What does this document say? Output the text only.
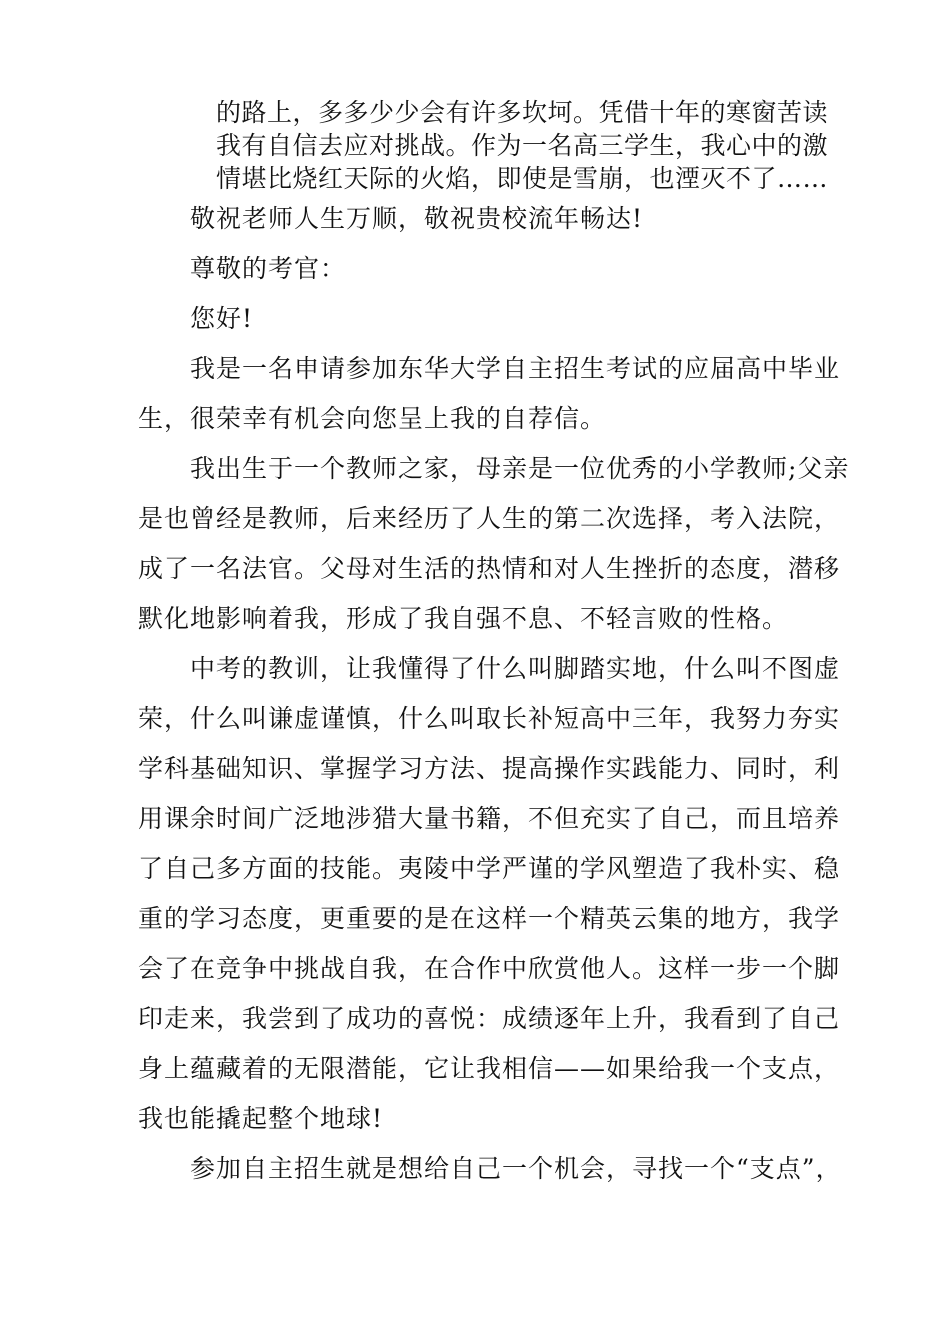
的路上，多多少少会有许多坎坷。凭借十年的寒窗苦读
我有自信去应对挑战。作为一名高三学生，我心中的激
情堪比烧红天际的火焰，即使是雪崩，也湮灭不了……
敬祝老师人生万顺，敬祝贵校流年畅达!
尊敬的考官：
您好!
我是一名申请参加东华大学自主招生考试的应届高中毕业
生，很荣幸有机会向您呈上我的自荐信。
我出生于一个教师之家，母亲是一位优秀的小学教师;父亲
是也曾经是教师，后来经历了人生的第二次选择，考入法院，
成了一名法官。父母对生活的热情和对人生挫折的态度，潜移
默化地影响着我，形成了我自强不息、不轻言败的性格。
中考的教训，让我懂得了什么叫脚踏实地，什么叫不图虚
荣，什么叫谦虚谨慎，什么叫取长补短高中三年，我努力夯实
学科基础知识、掌握学习方法、提高操作实践能力、同时，利
用课余时间广泛地涉猎大量书籍，不但充实了自己，而且培养
了自己多方面的技能。夷陵中学严谨的学风塑造了我朴实、稳
重的学习态度，更重要的是在这样一个精英云集的地方，我学
会了在竞争中挑战自我，在合作中欣赏他人。这样一步一个脚
印走来，我尝到了成功的喜悦：成绩逐年上升，我看到了自己
身上蕴藏着的无限潜能，它让我相信——如果给我一个支点，
我也能撬起整个地球!
参加自主招生就是想给自己一个机会，寻找一个“支点”，
